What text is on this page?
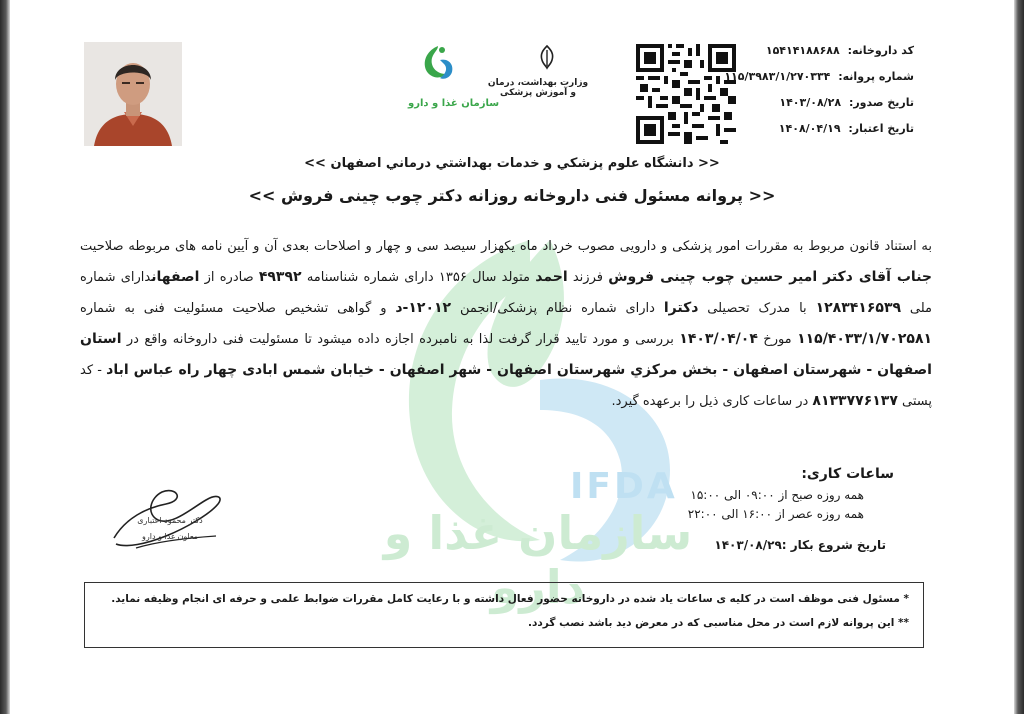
IFDA
سازمان غذا و دارو
سازمان غذا و دارو
وزارت بهداشت، درمان و آموزش پزشکی
کد داروخانه: ۱۵۴۱۴۱۸۸۶۸۸
شماره پروانه: ۱۱۵/۳۹۸۳/۱/۲۷۰۳۳۴
تاریخ صدور: ۱۴۰۳/۰۸/۲۸
تاریخ اعتبار: ۱۴۰۸/۰۴/۱۹
<< دانشگاه علوم پزشكي و خدمات بهداشتي درماني اصفهان >>
<< پروانه مسئول فنی داروخانه روزانه دکتر چوب چینی فروش >>
به استناد قانون مربوط به مقررات امور پزشکی و دارویی مصوب خرداد ماه یکهزار سیصد سی و چهار و اصلاحات بعدی آن و آیین نامه های مربوطه صلاحیت جناب آقای دکتر امیر حسین چوب چینی فروش فرزند احمد متولد سال ۱۳۵۶ دارای شماره شناسنامه ۴۹۳۹۲ صادره از اصفهاندارای شماره ملی ۱۲۸۳۴۱۶۵۳۹ با مدرک تحصیلی دکترا دارای شماره نظام پزشکی/انجمن ۱۲۰۱۲-د و گواهی تشخیص صلاحیت مسئولیت فنی به شماره ۱۱۵/۴۰۳۳/۱/۷۰۲۵۸۱ مورخ ۱۴۰۳/۰۴/۰۴ بررسی و مورد تایید قرار گرفت لذا به نامبرده اجازه داده میشود تا مسئولیت فنی داروخانه واقع در استان اصفهان - شهرستان اصفهان - بخش مرکزي شهرستان اصفهان - شهر اصفهان - خیابان شمس ابادی چهار راه عباس اباد - کد پستی ۸۱۳۳۷۷۶۱۳۷ در ساعات کاری ذیل را برعهده گیرد.
ساعات کاری:
همه روزه صبح از ۰۹:۰۰ الی ۱۵:۰۰
همه روزه عصر از ۱۶:۰۰ الی ۲۲:۰۰
تاریخ شروع بکار :۱۴۰۳/۰۸/۲۹
دکتر محمود اعتباری
معاون غذا و دارو
* مسئول فنی موظف است در کلیه ی ساعات یاد شده در داروخانه حضور فعال داشته و با رعایت کامل مقررات ضوابط علمی و حرفه ای انجام وظیفه نماید.
** این پروانه لازم است در محل مناسبی که در معرض دید باشد نصب گردد.
